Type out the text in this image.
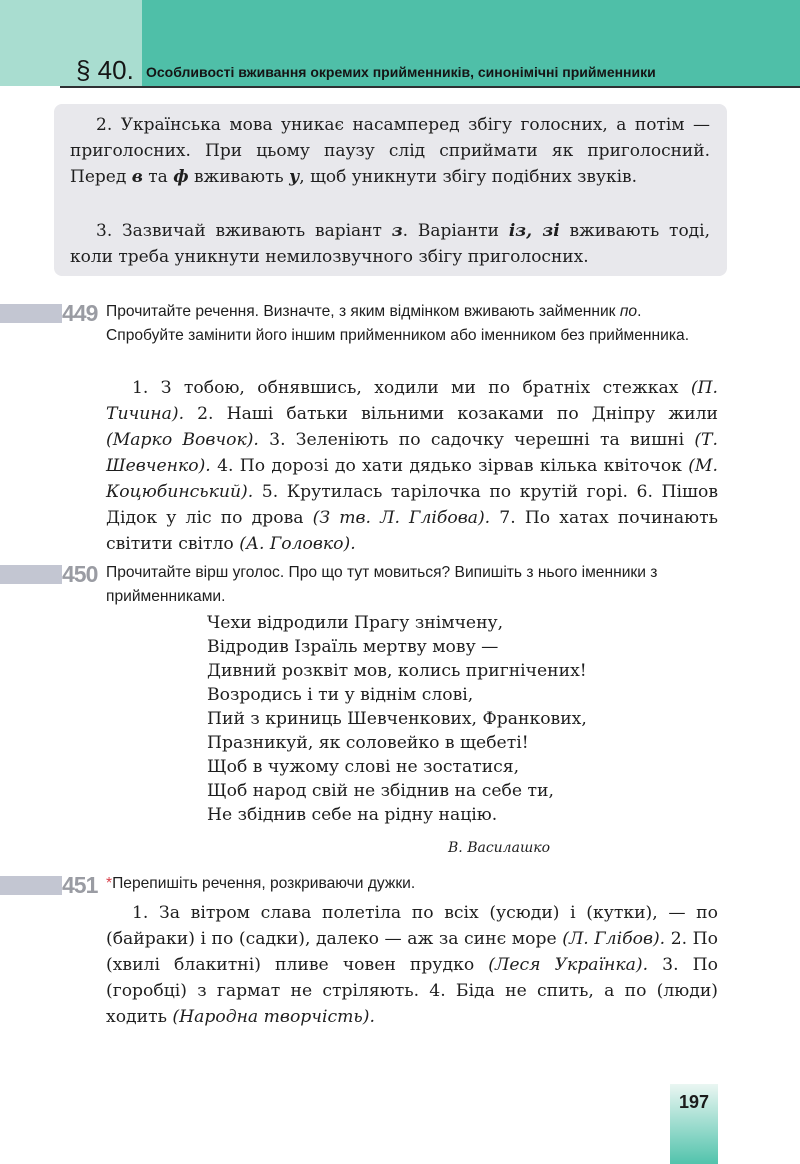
§ 40. Особливості вживання окремих прийменників, синонімічні прийменники

2. Українська мова уникає насамперед збігу голосних, а потім — приголосних. При цьому паузу слід сприймати як приголосний. Перед в та ф вживають у, щоб уникнути збігу подібних звуків.

3. Зазвичай вживають варіант з. Варіанти із, зі вживають тоді, коли треба уникнути немилозвучного збігу приголосних.

449 Прочитайте речення. Визначте, з яким відмінком вживають займенник по. Спробуйте замінити його іншим прийменником або іменником без прийменника.

1. З тобою, обнявшись, ходили ми по братніх стежках (П. Тичина). 2. Наші батьки вільними козаками по Дніпру жили (Марко Вовчок). 3. Зеленіють по садочку черешні та вишні (Т. Шевченко). 4. По дорозі до хати дядько зірвав кілька квіточок (М. Коцюбинський). 5. Крутилась тарілочка по крутій горі. 6. Пішов Дідок у ліс по дрова (З тв. Л. Глібова). 7. По хатах починають світити світло (А. Головко).

450 Прочитайте вірш уголос. Про що тут мовиться? Випишіть з нього іменники з прийменниками.

Чехи відродили Прагу знімчену,
Відродив Ізраїль мертву мову —
Дивний розквіт мов, колись пригнічених!
Возродись і ти у віднім слові,
Пий з криниць Шевченкових, Франкових,
Празникуй, як соловейко в щебеті!
Щоб в чужому слові не зостатися,
Щоб народ свій не збіднив на себе ти,
Не збіднив себе на рідну націю.
В. Василашко
451 *Перепишіть речення, розкриваючи дужки.

1. За вітром слава полетіла по всіх (усюди) і (кутки), — по (байраки) і по (садки), далеко — аж за синє море (Л. Глібов). 2. По (хвилі блакитні) пливе човен прудко (Леся Українка). 3. По (горобці) з гармат не стріляють. 4. Біда не спить, а по (люди) ходить (Народна творчість).

197
